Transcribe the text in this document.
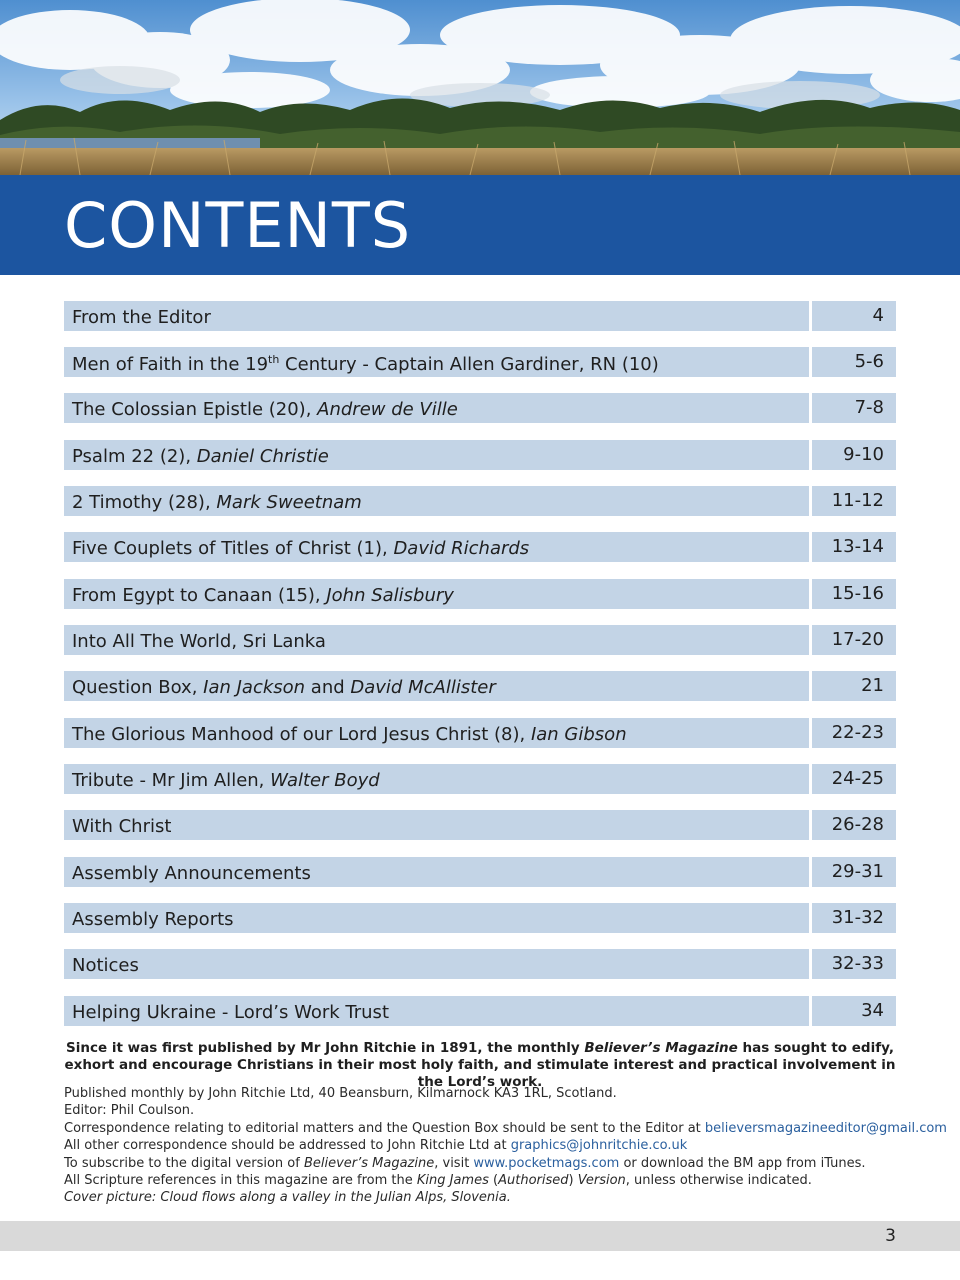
CONTENTS
From the Editor	4
Men of Faith in the 19th Century - Captain Allen Gardiner, RN (10)	5-6
The Colossian Epistle (20), Andrew de Ville	7-8
Psalm 22 (2), Daniel Christie	9-10
2 Timothy (28), Mark Sweetnam	11-12
Five Couplets of Titles of Christ (1), David Richards	13-14
From Egypt to Canaan (15), John Salisbury	15-16
Into All The World, Sri Lanka	17-20
Question Box, Ian Jackson and David McAllister	21
The Glorious Manhood of our Lord Jesus Christ (8), Ian Gibson	22-23
Tribute - Mr Jim Allen, Walter Boyd	24-25
With Christ	26-28
Assembly Announcements	29-31
Assembly Reports	31-32
Notices	32-33
Helping Ukraine - Lord’s Work Trust	34
Since it was first published by Mr John Ritchie in 1891, the monthly Believer’s Magazine has sought to edify, exhort and encourage Christians in their most holy faith, and stimulate interest and practical involvement in the Lord’s work.
Published monthly by John Ritchie Ltd, 40 Beansburn, Kilmarnock KA3 1RL, Scotland.
Editor: Phil Coulson.
Correspondence relating to editorial matters and the Question Box should be sent to the Editor at believersmagazineeditor@gmail.com
All other correspondence should be addressed to John Ritchie Ltd at graphics@johnritchie.co.uk
To subscribe to the digital version of Believer’s Magazine, visit www.pocketmags.com or download the BM app from iTunes.
All Scripture references in this magazine are from the King James (Authorised) Version, unless otherwise indicated.
Cover picture: Cloud flows along a valley in the Julian Alps, Slovenia.
3
